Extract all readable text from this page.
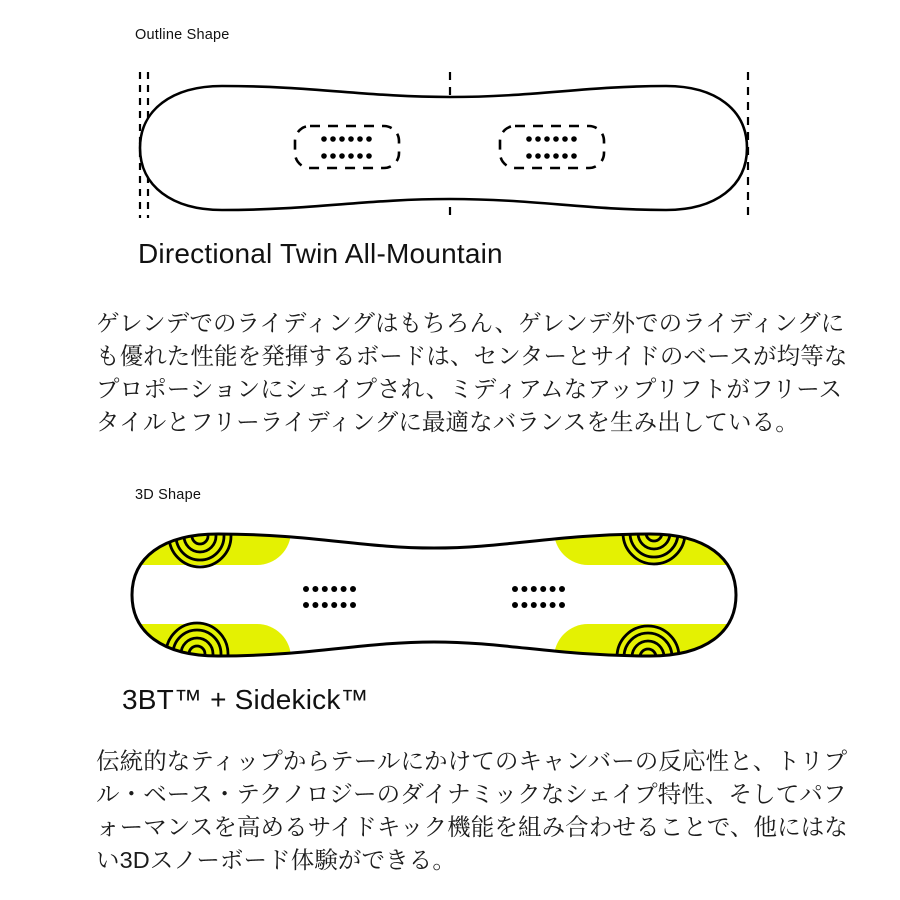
Outline Shape
Directional Twin All-Mountain
ゲレンデでのライディングはもちろん、ゲレンデ外でのライディングに
も優れた性能を発揮するボードは、センターとサイドのベースが均等な
プロポーションにシェイプされ、ミディアムなアップリフトがフリース
タイルとフリーライディングに最適なバランスを生み出している。
3D Shape
3BT™ + Sidekick™
伝統的なティップからテールにかけてのキャンバーの反応性と、トリプ
ル・ベース・テクノロジーのダイナミックなシェイプ特性、そしてパフ
ォーマンスを高めるサイドキック機能を組み合わせることで、他にはな
い3Dスノーボード体験ができる。
